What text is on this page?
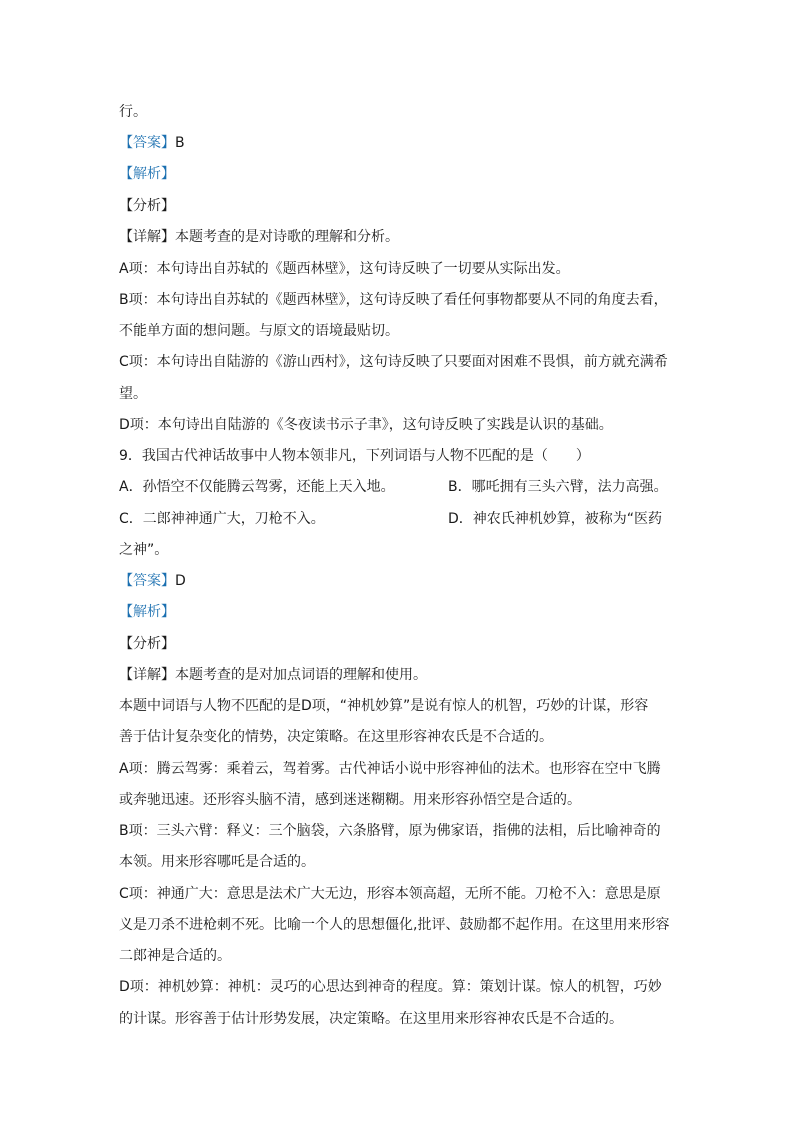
行。
【答案】B
【解析】
【分析】
【详解】本题考查的是对诗歌的理解和分析。
A项：本句诗出自苏轼的《题西林壁》，这句诗反映了一切要从实际出发。
B项：本句诗出自苏轼的《题西林壁》，这句诗反映了看任何事物都要从不同的角度去看，
不能单方面的想问题。与原文的语境最贴切。
C项：本句诗出自陆游的《游山西村》，这句诗反映了只要面对困难不畏惧，前方就充满希
望。
D项：本句诗出自陆游的《冬夜读书示子聿》，这句诗反映了实践是认识的基础。
9．我国古代神话故事中人物本领非凡，下列词语与人物不匹配的是（　　）
A．孙悟空不仅能腾云驾雾，还能上天入地。	B．哪吒拥有三头六臂，法力高强。
C．二郎神神通广大，刀枪不入。	D．神农氏神机妙算，被称为“医药
之神”。
【答案】D
【解析】
【分析】
【详解】本题考查的是对加点词语的理解和使用。
本题中词语与人物不匹配的是D项，“神机妙算”是说有惊人的机智，巧妙的计谋，形容
善于估计复杂变化的情势，决定策略。在这里形容神农氏是不合适的。
A项：腾云驾雾：乘着云，驾着雾。古代神话小说中形容神仙的法术。也形容在空中飞腾
或奔驰迅速。还形容头脑不清，感到迷迷糊糊。用来形容孙悟空是合适的。
B项：三头六臂：释义：三个脑袋，六条胳臂，原为佛家语，指佛的法相，后比喻神奇的
本领。用来形容哪吒是合适的。
C项：神通广大：意思是法术广大无边，形容本领高超，无所不能。刀枪不入：意思是原
义是刀杀不进枪刺不死。比喻一个人的思想僵化,批评、鼓励都不起作用。在这里用来形容
二郎神是合适的。
D项：神机妙算：神机：灵巧的心思达到神奇的程度。算：策划计谋。惊人的机智，巧妙
的计谋。形容善于估计形势发展，决定策略。在这里用来形容神农氏是不合适的。
